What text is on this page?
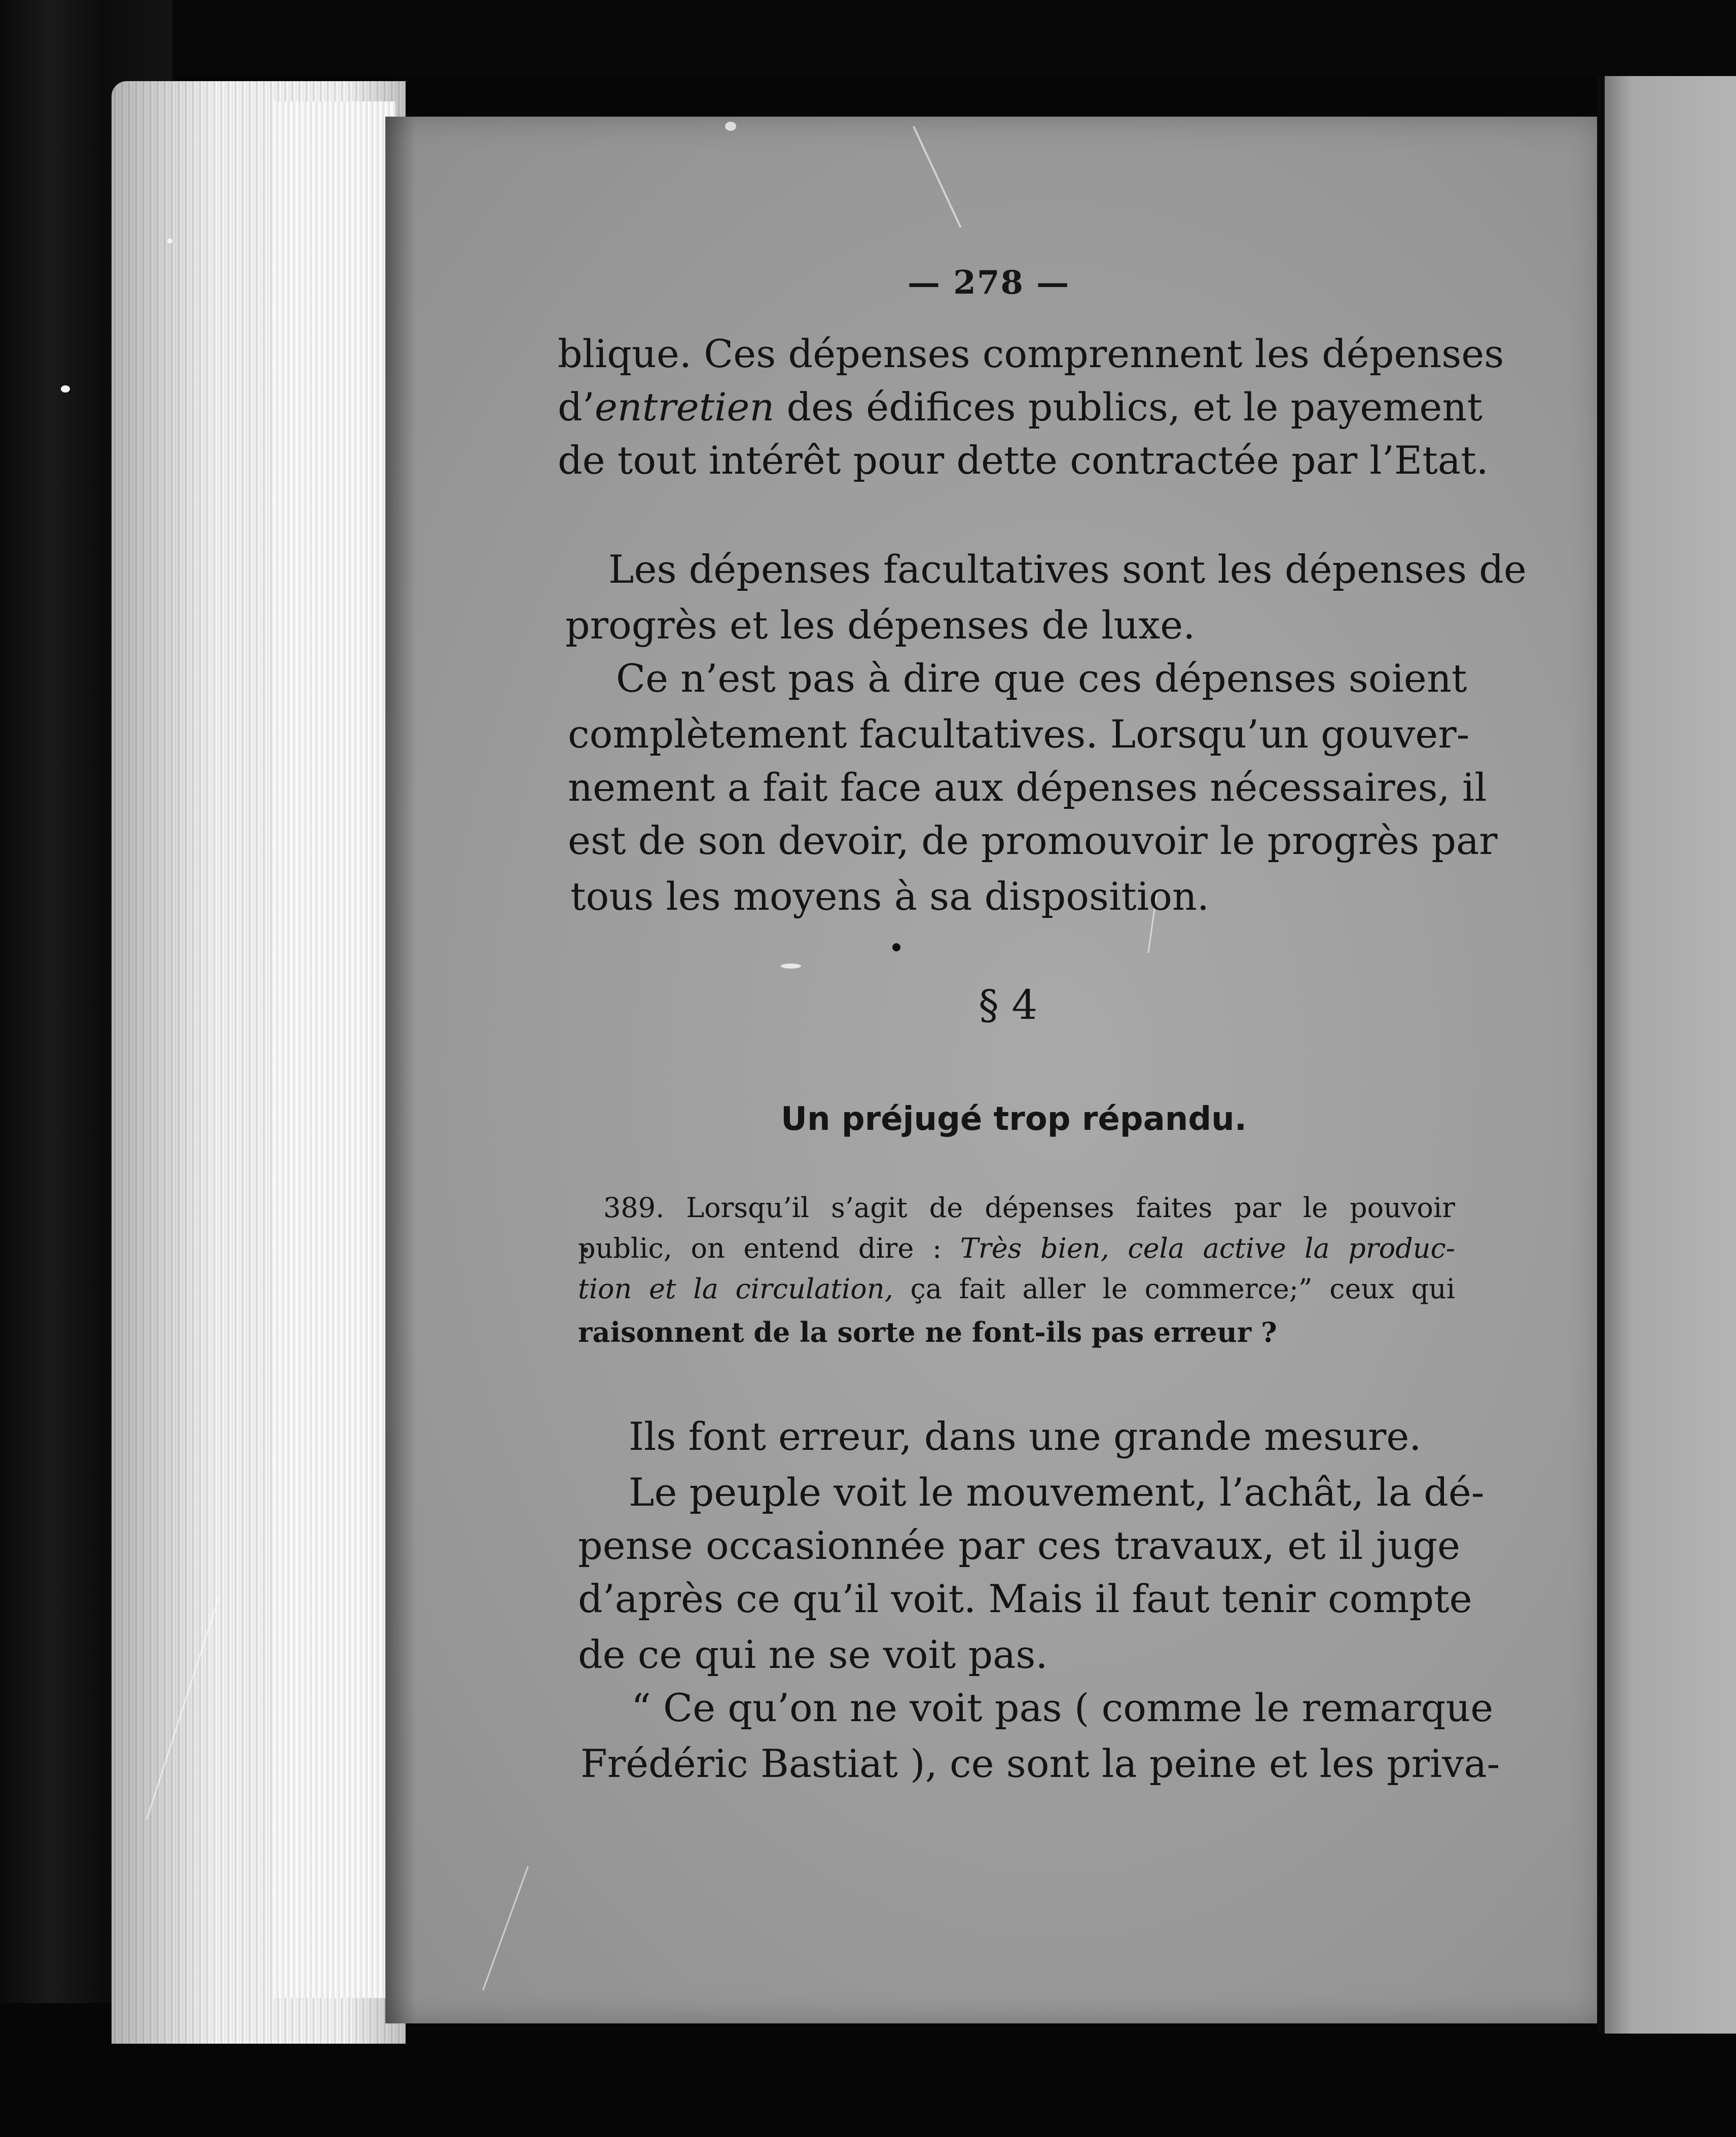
— 278 —
blique. Ces dépenses comprennent les dépenses
d’entretien des édifices publics, et le payement
de tout intérêt pour dette contractée par l’Etat.
Les dépenses facultatives sont les dépenses de
progrès et les dépenses de luxe.
Ce n’est pas à dire que ces dépenses soient
complètement facultatives. Lorsqu’un gouver-
nement a fait face aux dépenses nécessaires, il
est de son devoir, de promouvoir le progrès par
tous les moyens à sa disposition.
§ 4
Un préjugé trop répandu.
389. Lorsqu’il s’agit de dépenses faites par le pouvoir
public, on entend dire : Très bien, cela active la produc-
tion et la circulation, ça fait aller le commerce;” ceux qui
raisonnent de la sorte ne font-ils pas erreur ?
Ils font erreur, dans une grande mesure.
Le peuple voit le mouvement, l’achât, la dé-
pense occasionnée par ces travaux, et il juge
d’après ce qu’il voit. Mais il faut tenir compte
de ce qui ne se voit pas.
“ Ce qu’on ne voit pas ( comme le remarque
Frédéric Bastiat ), ce sont la peine et les priva-
